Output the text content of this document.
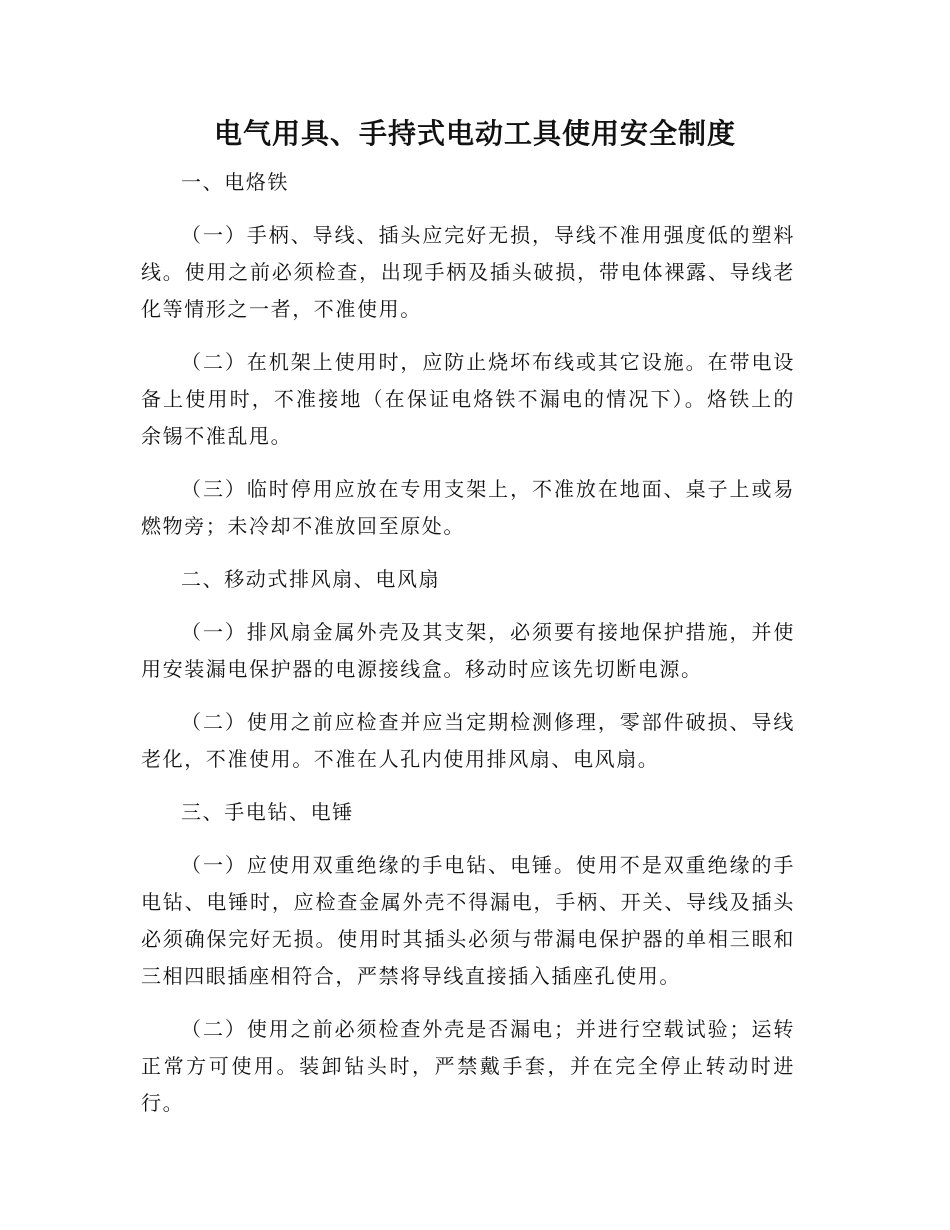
电气用具、手持式电动工具使用安全制度

一、电烙铁

（一）手柄、导线、插头应完好无损，导线不准用强度低的塑料线。使用之前必须检查，出现手柄及插头破损，带电体裸露、导线老化等情形之一者，不准使用。

（二）在机架上使用时，应防止烧坏布线或其它设施。在带电设备上使用时，不准接地（在保证电烙铁不漏电的情况下）。烙铁上的余锡不准乱甩。

（三）临时停用应放在专用支架上，不准放在地面、桌子上或易燃物旁；未冷却不准放回至原处。

二、移动式排风扇、电风扇

（一）排风扇金属外壳及其支架，必须要有接地保护措施，并使用安装漏电保护器的电源接线盒。移动时应该先切断电源。

（二）使用之前应检查并应当定期检测修理，零部件破损、导线老化，不准使用。不准在人孔内使用排风扇、电风扇。

三、手电钻、电锤

（一）应使用双重绝缘的手电钻、电锤。使用不是双重绝缘的手电钻、电锤时，应检查金属外壳不得漏电，手柄、开关、导线及插头必须确保完好无损。使用时其插头必须与带漏电保护器的单相三眼和三相四眼插座相符合，严禁将导线直接插入插座孔使用。

（二）使用之前必须检查外壳是否漏电；并进行空载试验；运转正常方可使用。装卸钻头时，严禁戴手套，并在完全停止转动时进行。
